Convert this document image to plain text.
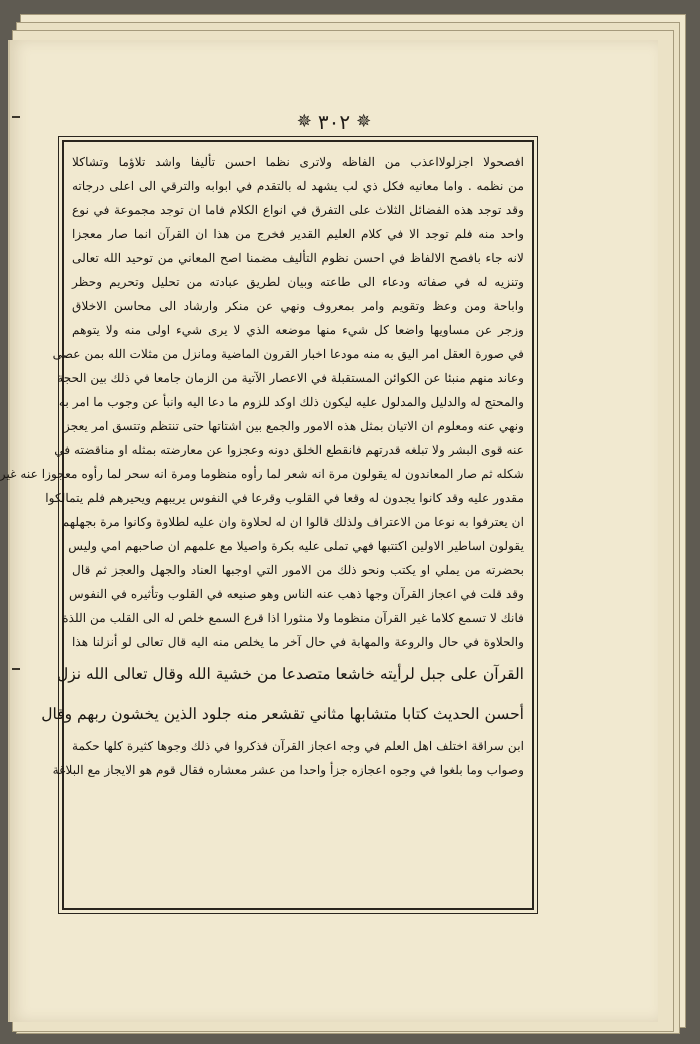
✵ ٣٠٢ ✵
افصحولا اجزلولااعذب من الفاظه ولاترى نظما احسن تأليفا واشد تلاؤما وتشاكلا
من نظمه . واما معانيه فكل ذي لب يشهد له بالتقدم في ابوابه والترقي الى اعلى درجاته
وقد توجد هذه الفضائل الثلاث على التفرق في انواع الكلام فاما ان توجد مجموعة في نوع
واحد منه فلم توجد الا في كلام العليم القدير فخرج من هذا ان القرآن انما صار معجزا
لانه جاء بافصح الالفاظ في احسن نظوم التأليف مضمنا اصح المعاني من توحيد الله تعالى
وتنزيه له في صفاته ودعاء الى طاعته وبيان لطريق عبادته من تحليل وتحريم وحظر
واباحة ومن وعظ وتقويم وامر بمعروف ونهي عن منكر وارشاد الى محاسن الاخلاق
وزجر عن مساويها واضعا كل شيء منها موضعه الذي لا يرى شيء اولى منه ولا يتوهم
في صورة العقل امر اليق به منه مودعا اخبار القرون الماضية ومانزل من مثلات الله بمن عصى
وعاند منهم منبئا عن الكوائن المستقبلة في الاعصار الآتية من الزمان جامعا في ذلك بين الحجة
والمحتج له والدليل والمدلول عليه ليكون ذلك اوكد للزوم ما دعا اليه وانبأ عن وجوب ما امر به
ونهي عنه ومعلوم ان الاتيان بمثل هذه الامور والجمع بين اشتاتها حتى تنتظم وتتسق امر يعجز
عنه قوى البشر ولا تبلغه قدرتهم فانقطع الخلق دونه وعجزوا عن معارضته بمثله او مناقضته في
شكله ثم صار المعاندون له يقولون مرة انه شعر لما رأوه منظوما ومرة انه سحر لما رأوه معجوزا عنه غير
مقدور عليه وقد كانوا يجدون له وقعا في القلوب وقرعا في النفوس يريبهم ويحيرهم فلم يتمالكوا
ان يعترفوا به نوعا من الاعتراف ولذلك قالوا ان له لحلاوة وان عليه لطلاوة وكانوا مرة بجهلهم
يقولون اساطير الاولين اكتتبها فهي تملى عليه بكرة واصيلا مع علمهم ان صاحبهم امي وليس
بحضرته من يملي او يكتب ونحو ذلك من الامور التي اوجبها العناد والجهل والعجز ثم قال
وقد قلت في اعجاز القرآن وجها ذهب عنه الناس وهو صنيعه في القلوب وتأثيره في النفوس
فانك لا تسمع كلاما غير القرآن منظوما ولا منثورا اذا قرع السمع خلص له الى القلب من اللذة
والحلاوة في حال والروعة والمهابة في حال آخر ما يخلص منه اليه قال تعالى لو أنزلنا هذا
القرآن على جبل لرأيته خاشعا متصدعا من خشية الله وقال تعالى الله نزل
أحسن الحديث كتابا متشابها مثاني تقشعر منه جلود الذين يخشون ربهم وقال
ابن سراقة اختلف اهل العلم في وجه اعجاز القرآن فذكروا في ذلك وجوها كثيرة كلها حكمة
وصواب وما بلغوا في وجوه اعجازه جزأ واحدا من عشر معشاره فقال قوم هو الايجاز مع البلاغة
